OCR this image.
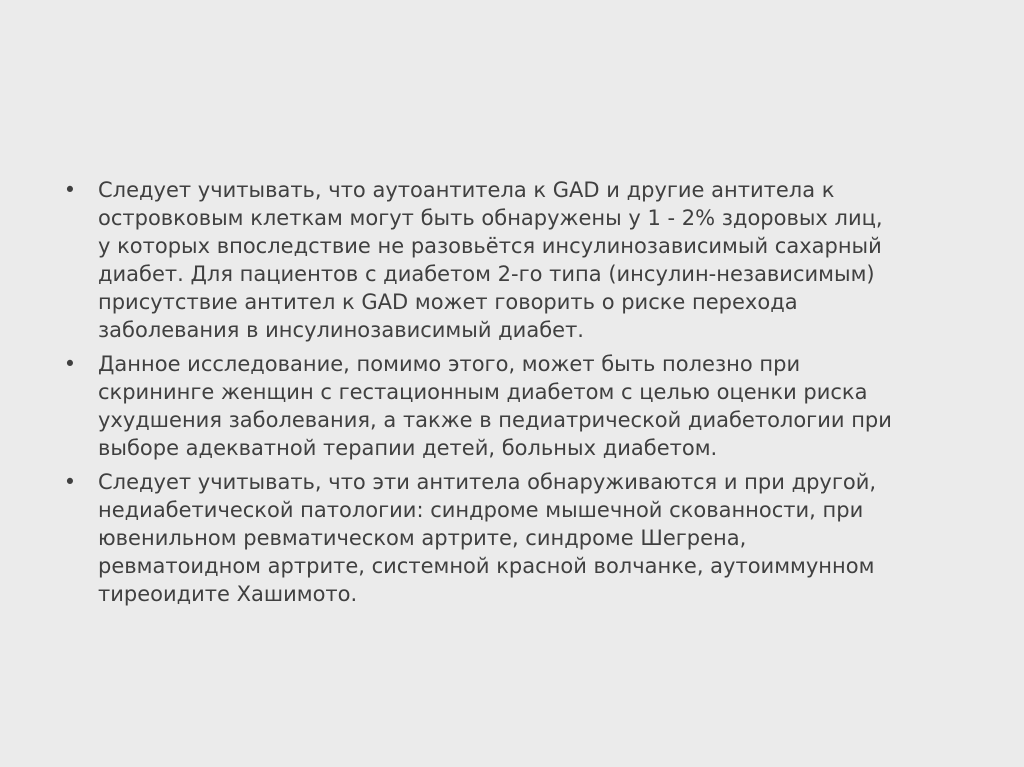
• Следует учитывать, что аутоантитела к GAD и другие антитела к
островковым клеткам могут быть обнаружены у 1 - 2% здоровых лиц,
у которых впоследствие не разовьётся инсулинозависимый сахарный
диабет. Для пациентов с диабетом 2-го типа (инсулин-независимым)
присутствие антител к GAD может говорить о риске перехода
заболевания в инсулинозависимый диабет.
• Данное исследование, помимо этого, может быть полезно при
скрининге женщин с гестационным диабетом с целью оценки риска
ухудшения заболевания, а также в педиатрической диабетологии при
выборе адекватной терапии детей, больных диабетом.
• Следует учитывать, что эти антитела обнаруживаются и при другой,
недиабетической патологии: синдроме мышечной скованности, при
ювенильном ревматическом артрите, синдроме Шегрена,
ревматоидном артрите, системной красной волчанке, аутоиммунном
тиреоидите Хашимото.
